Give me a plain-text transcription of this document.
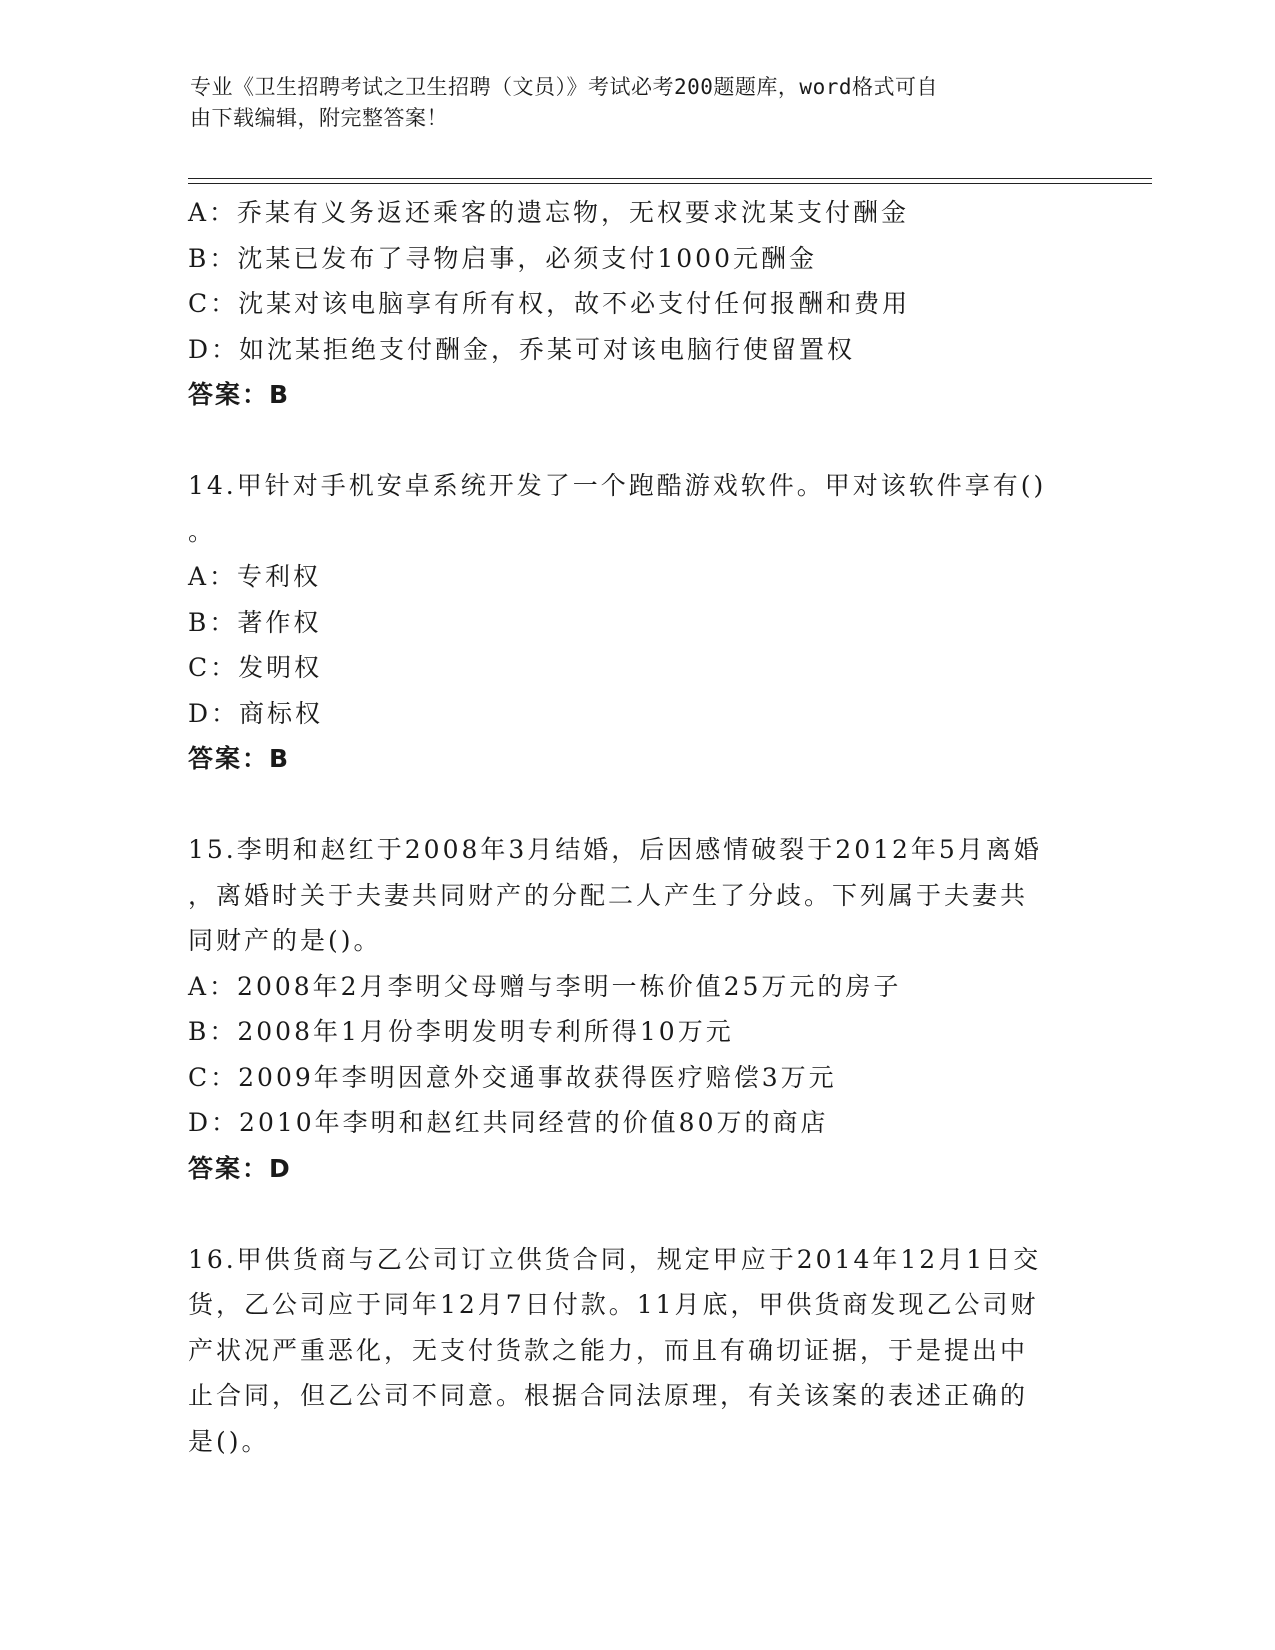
专业《卫生招聘考试之卫生招聘（文员）》考试必考200题题库，word格式可自
由下载编辑，附完整答案！
A：乔某有义务返还乘客的遗忘物，无权要求沈某支付酬金
B：沈某已发布了寻物启事，必须支付1000元酬金
C：沈某对该电脑享有所有权，故不必支付任何报酬和费用
D：如沈某拒绝支付酬金，乔某可对该电脑行使留置权
答案：B
14.甲针对手机安卓系统开发了一个跑酷游戏软件。甲对该软件享有()
。
A：专利权
B：著作权
C：发明权
D：商标权
答案：B
15.李明和赵红于2008年3月结婚，后因感情破裂于2012年5月离婚
，离婚时关于夫妻共同财产的分配二人产生了分歧。下列属于夫妻共
同财产的是()。
A：2008年2月李明父母赠与李明一栋价值25万元的房子
B：2008年1月份李明发明专利所得10万元
C：2009年李明因意外交通事故获得医疗赔偿3万元
D：2010年李明和赵红共同经营的价值80万的商店
答案：D
16.甲供货商与乙公司订立供货合同，规定甲应于2014年12月1日交
货，乙公司应于同年12月7日付款。11月底，甲供货商发现乙公司财
产状况严重恶化，无支付货款之能力，而且有确切证据，于是提出中
止合同，但乙公司不同意。根据合同法原理，有关该案的表述正确的
是()。
